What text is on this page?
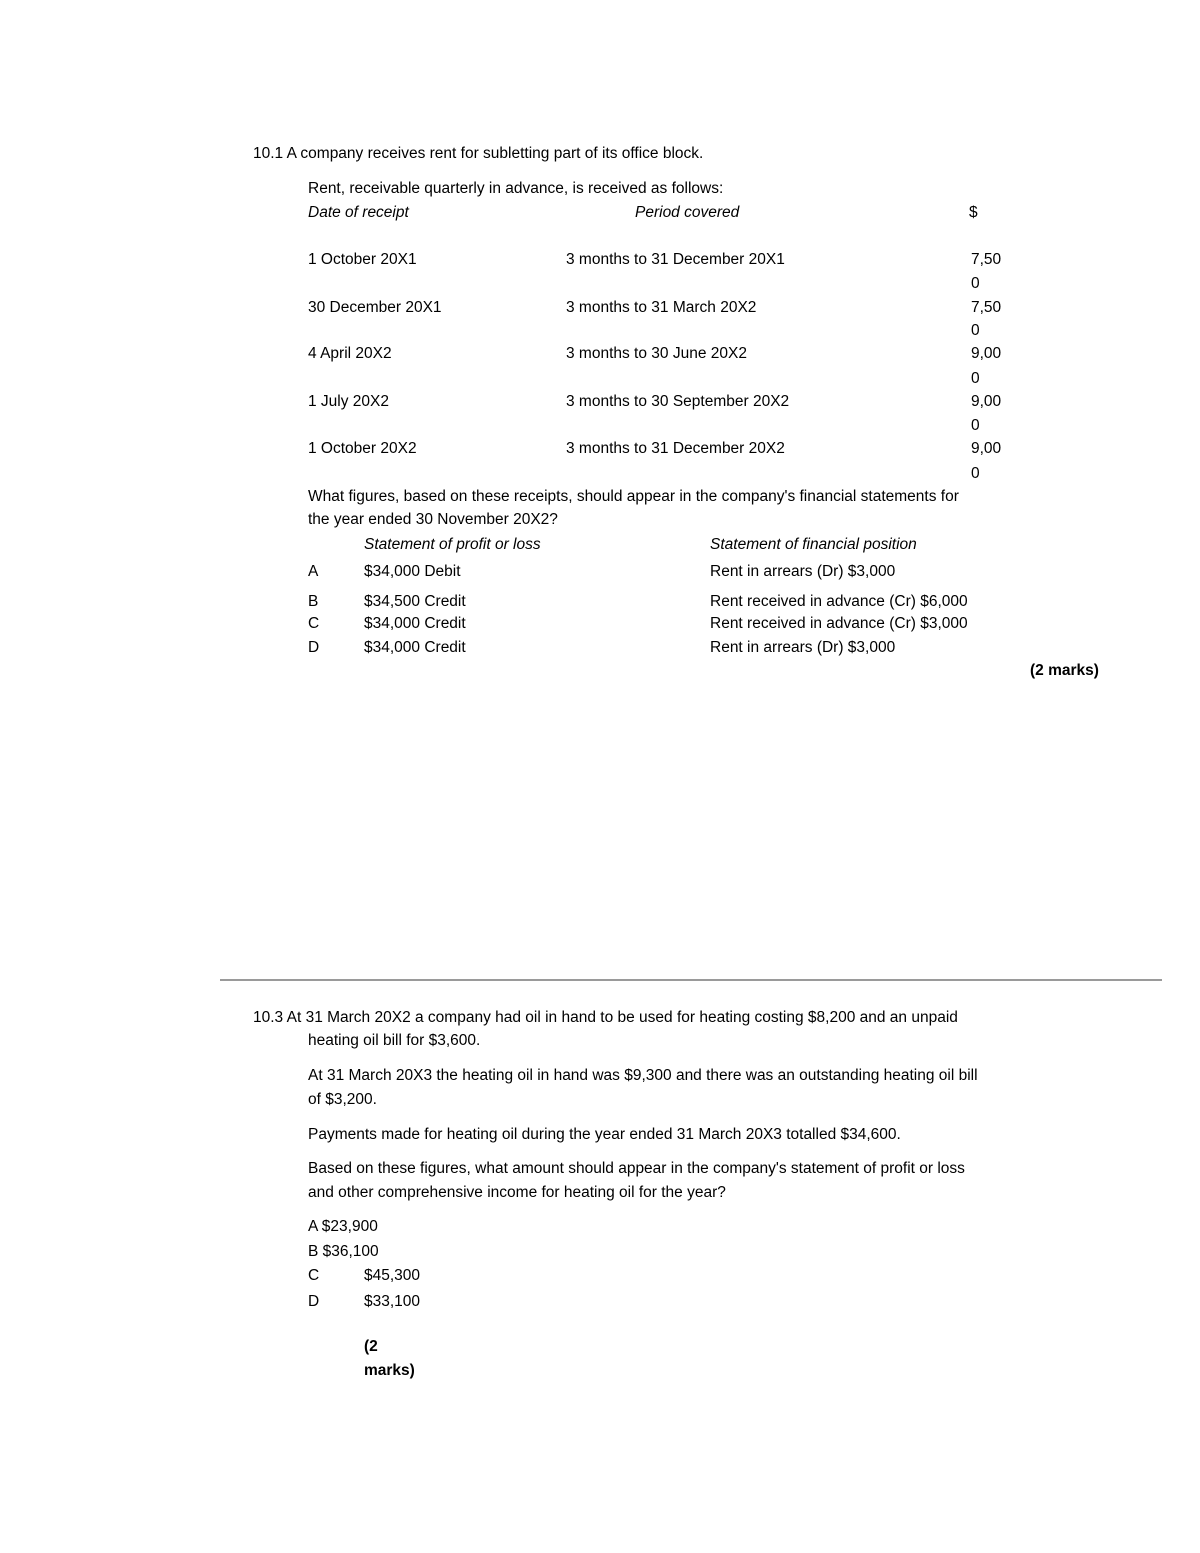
10.1 A company receives rent for subletting part of its office block.
Rent, receivable quarterly in advance, is received as follows:
Date of receipt	Period covered	$
1 October 20X1	3 months to 31 December 20X1	7,50
0
30 December 20X1	3 months to 31 March 20X2	7,50
0
4 April 20X2	3 months to 30 June 20X2	9,00
0
1 July 20X2	3 months to 30 September 20X2	9,00
0
1 October 20X2	3 months to 31 December 20X2	9,00
0
What figures, based on these receipts, should appear in the company's financial statements for
the year ended 30 November 20X2?
Statement of profit or loss	Statement of financial position
A	$34,000 Debit	Rent in arrears (Dr) $3,000
B	$34,500 Credit	Rent received in advance (Cr) $6,000
C	$34,000 Credit	Rent received in advance (Cr) $3,000
D	$34,000 Credit	Rent in arrears (Dr) $3,000
(2 marks)
10.3 At 31 March 20X2 a company had oil in hand to be used for heating costing $8,200 and an unpaid
heating oil bill for $3,600.
At 31 March 20X3 the heating oil in hand was $9,300 and there was an outstanding heating oil bill
of $3,200.
Payments made for heating oil during the year ended 31 March 20X3 totalled $34,600.
Based on these figures, what amount should appear in the company's statement of profit or loss
and other comprehensive income for heating oil for the year?
A $23,900
B $36,100
C	$45,300
D	$33,100
(2
marks)
